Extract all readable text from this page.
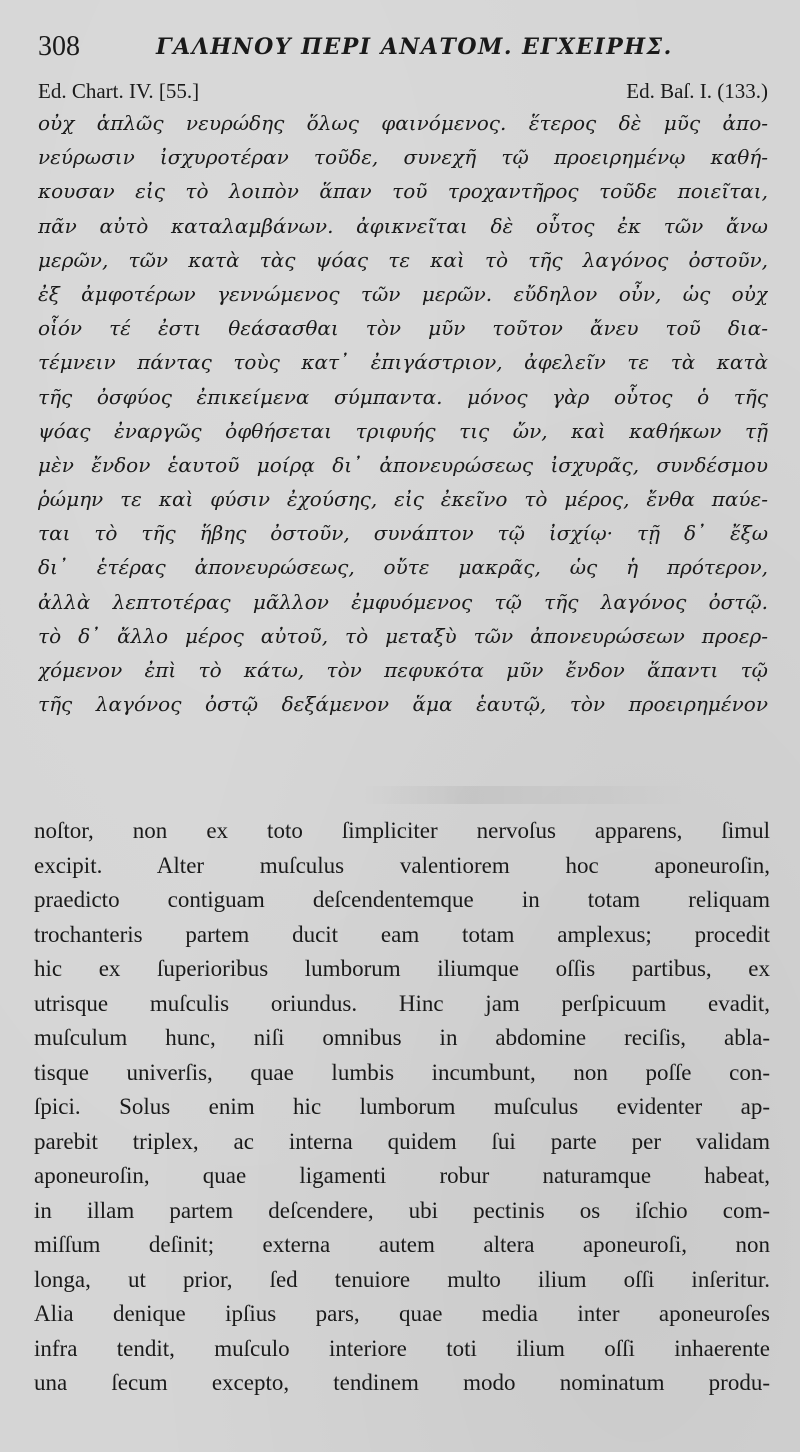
308	ΓΑΛΗΝΟΥ ΠΕΡΙ ΑΝΑΤΟΜ. ΕΓΧΕΙΡΗΣ.
Ed. Chart. IV. [55.]	Ed. Baſ. I. (133.)
οὐχ ἁπλῶς νευρώδης ὅλως φαινόμενος. ἕτερος δὲ μῦς ἀπο-
νεύρωσιν ἰσχυροτέραν τοῦδε, συνεχῆ τῷ προειρημένῳ καθή-
κουσαν εἰς τὸ λοιπὸν ἅπαν τοῦ τροχαντῆρος τοῦδε ποιεῖται,
πᾶν αὐτὸ καταλαμβάνων. ἀφικνεῖται δὲ οὗτος ἐκ τῶν ἄνω
μερῶν, τῶν κατὰ τὰς ψόας τε καὶ τὸ τῆς λαγόνος ὀστοῦν,
ἐξ ἀμφοτέρων γεννώμενος τῶν μερῶν. εὔδηλον οὖν, ὡς οὐχ
οἷόν τέ ἐστι θεάσασθαι τὸν μῦν τοῦτον ἄνευ τοῦ δια-
τέμνειν πάντας τοὺς κατ᾽ ἐπιγάστριον, ἀφελεῖν τε τὰ κατὰ
τῆς ὀσφύος ἐπικείμενα σύμπαντα. μόνος γὰρ οὗτος ὁ τῆς
ψόας ἐναργῶς ὀφθήσεται τριφυής τις ὤν, καὶ καθήκων τῇ
μὲν ἔνδον ἑαυτοῦ μοίρᾳ δι᾽ ἀπονευρώσεως ἰσχυρᾶς, συνδέσμου
ῥώμην τε καὶ φύσιν ἐχούσης, εἰς ἐκεῖνο τὸ μέρος, ἔνθα παύε-
ται τὸ τῆς ἥβης ὀστοῦν, συνάπτον τῷ ἰσχίῳ· τῇ δ᾽ ἔξω
δι᾽ ἑτέρας ἀπονευρώσεως, οὔτε μακρᾶς, ὡς ἡ πρότερον,
ἀλλὰ λεπτοτέρας μᾶλλον ἐμφυόμενος τῷ τῆς λαγόνος ὀστῷ.
τὸ δ᾽ ἄλλο μέρος αὐτοῦ, τὸ μεταξὺ τῶν ἀπονευρώσεων προερ-
χόμενον ἐπὶ τὸ κάτω, τὸν πεφυκότα μῦν ἔνδον ἅπαντι τῷ
τῆς λαγόνος ὀστῷ δεξάμενον ἅμα ἑαυτῷ, τὸν προειρημένον
noſtor, non ex toto ſimpliciter nervoſus apparens, ſimul
excipit. Alter muſculus valentiorem hoc aponeuroſin,
praedicto contiguam deſcendentemque in totam reliquam
trochanteris partem ducit eam totam amplexus; procedit
hic ex ſuperioribus lumborum iliumque oſſis partibus, ex
utrisque muſculis oriundus. Hinc jam perſpicuum evadit,
muſculum hunc, niſi omnibus in abdomine reciſis, abla-
tisque univerſis, quae lumbis incumbunt, non poſſe con-
ſpici. Solus enim hic lumborum muſculus evidenter ap-
parebit triplex, ac interna quidem ſui parte per validam
aponeuroſin, quae ligamenti robur naturamque habeat,
in illam partem deſcendere, ubi pectinis os iſchio com-
miſſum deſinit; externa autem altera aponeuroſi, non
longa, ut prior, ſed tenuiore multo ilium oſſi inſeritur.
Alia denique ipſius pars, quae media inter aponeuroſes
infra tendit, muſculo interiore toti ilium oſſi inhaerente
una ſecum excepto, tendinem modo nominatum produ-
